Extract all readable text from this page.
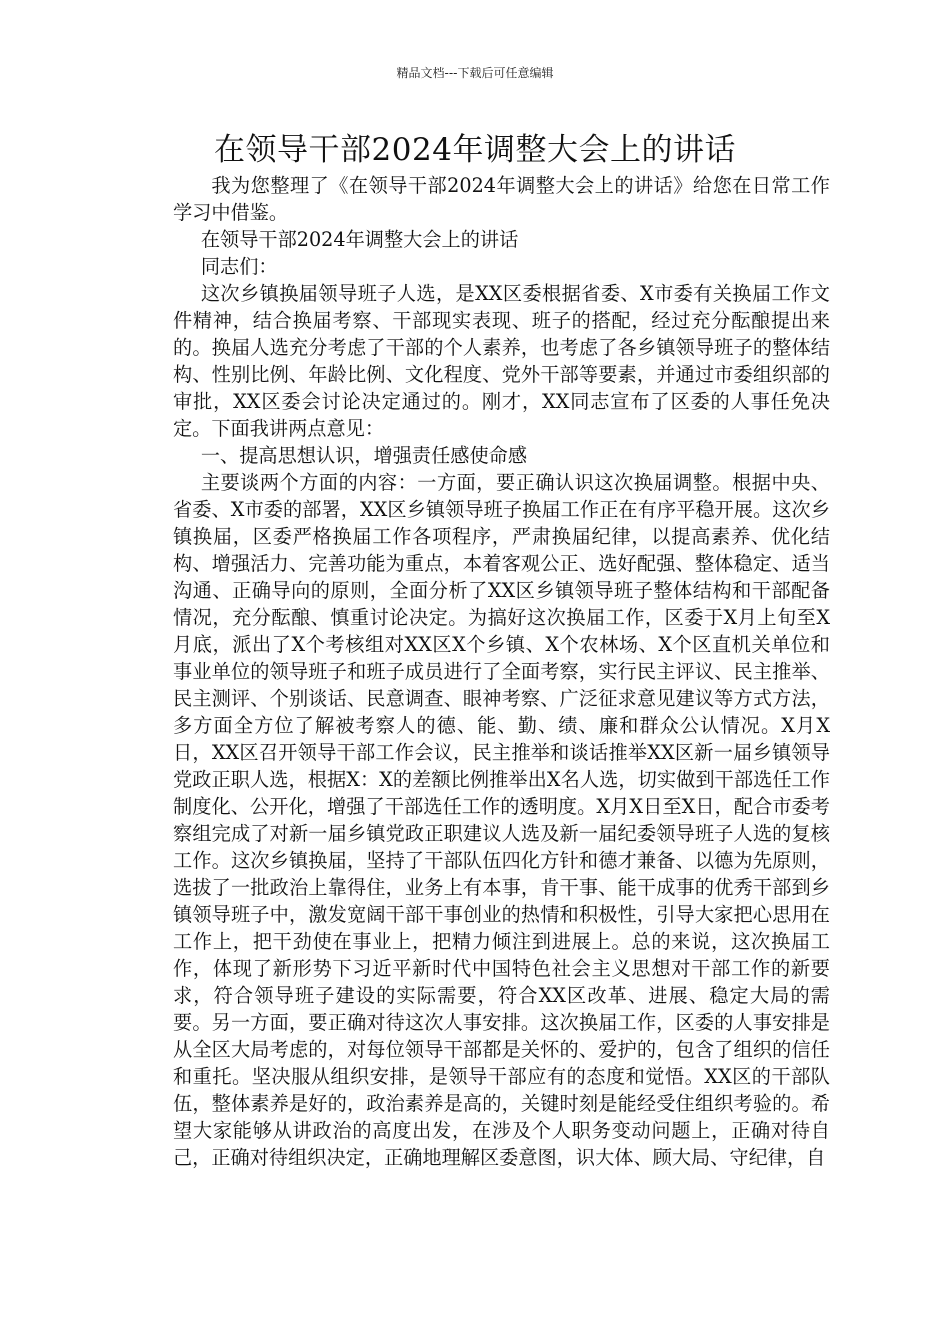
精品文档---下载后可任意编辑
在领导干部2024年调整大会上的讲话

我为您整理了《在领导干部2024年调整大会上的讲话》给您在日常工作学习中借鉴。

在领导干部2024年调整大会上的讲话

同志们：

这次乡镇换届领导班子人选，是XX区委根据省委、X市委有关换届工作文件精神，结合换届考察、干部现实表现、班子的搭配，经过充分酝酿提出来的。换届人选充分考虑了干部的个人素养，也考虑了各乡镇领导班子的整体结构、性别比例、年龄比例、文化程度、党外干部等要素，并通过市委组织部的审批，XX区委会讨论决定通过的。刚才，XX同志宣布了区委的人事任免决定。下面我讲两点意见：

一、提高思想认识，增强责任感使命感

主要谈两个方面的内容：一方面，要正确认识这次换届调整。根据中央、省委、X市委的部署，XX区乡镇领导班子换届工作正在有序平稳开展。这次乡镇换届，区委严格换届工作各项程序，严肃换届纪律，以提高素养、优化结构、增强活力、完善功能为重点，本着客观公正、选好配强、整体稳定、适当沟通、正确导向的原则，全面分析了XX区乡镇领导班子整体结构和干部配备情况，充分酝酿、慎重讨论决定。为搞好这次换届工作，区委于X月上旬至X月底，派出了X个考核组对XX区X个乡镇、X个农林场、X个区直机关单位和事业单位的领导班子和班子成员进行了全面考察，实行民主评议、民主推举、民主测评、个别谈话、民意调查、眼神考察、广泛征求意见建议等方式方法，多方面全方位了解被考察人的德、能、勤、绩、廉和群众公认情况。X月X日，XX区召开领导干部工作会议，民主推举和谈话推举XX区新一届乡镇领导党政正职人选，根据X：X的差额比例推举出X名人选，切实做到干部选任工作制度化、公开化，增强了干部选任工作的透明度。X月X日至X日，配合市委考察组完成了对新一届乡镇党政正职建议人选及新一届纪委领导班子人选的复核工作。这次乡镇换届，坚持了干部队伍四化方针和德才兼备、以德为先原则，选拔了一批政治上靠得住，业务上有本事，肯干事、能干成事的优秀干部到乡镇领导班子中，激发宽阔干部干事创业的热情和积极性，引导大家把心思用在工作上，把干劲使在事业上，把精力倾注到进展上。总的来说，这次换届工作，体现了新形势下习近平新时代中国特色社会主义思想对干部工作的新要求，符合领导班子建设的实际需要，符合XX区改革、进展、稳定大局的需要。另一方面，要正确对待这次人事安排。这次换届工作，区委的人事安排是从全区大局考虑的，对每位领导干部都是关怀的、爱护的，包含了组织的信任和重托。坚决服从组织安排，是领导干部应有的态度和觉悟。XX区的干部队伍，整体素养是好的，政治素养是高的，关键时刻是能经受住组织考验的。希望大家能够从讲政治的高度出发，在涉及个人职务变动问题上，正确对待自己，正确对待组织决定，正确地理解区委意图，识大体、顾大局、守纪律，自
